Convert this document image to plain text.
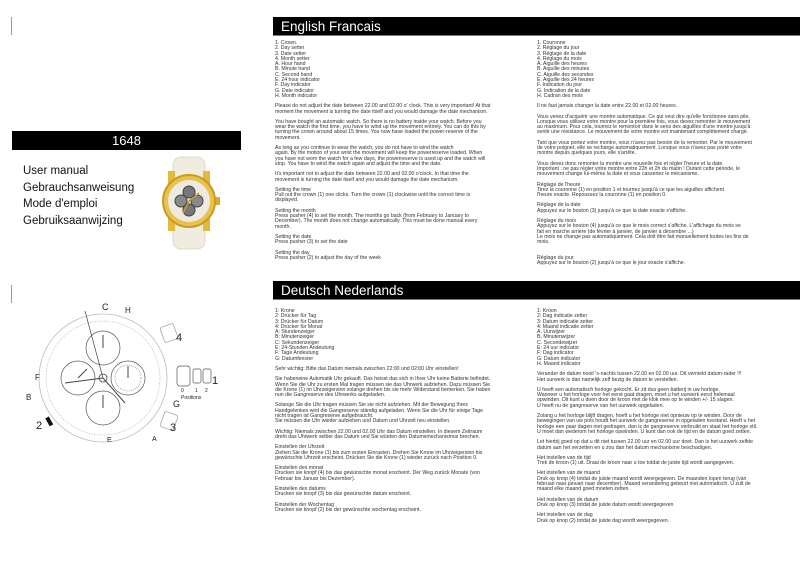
1648
User manual
Gebrauchsanweisung
Mode d'emploi
Gebruiksaanwijzing
C H
4
F
B
1
G
2	3
A
Positions
0 1 2
E
English Francais
Deutsch Nederlands

1. Crown.
2. Day setter
3. Date setter
4. Month setter
A. Hour hand
B. Minute hand
C. Second hand
E. 24 hour indicator
F. Day indicator
G. Date indicator
H. Month indicator

Please do not adjust the date between 22.00 and 02.00 o' clock. This is very important! At that
moment the movement is turning the date itself and you would damage the date mechanism.

You have bought an automatic watch. So there is no battery inside your watch. Before you
wear the watch the first time, you have to wind up the movement entirely. You can do this by
turning the crown around about 15 times. You now have loaded the power-reserve of the
movement.

As long as you continue to wear the watch, you do not have to wind the watch
again. By the motion of your wrist the movement will keep the powerreserve loaded. When
you have not worn the watch for a few days, the powerreserve is used up and the watch will
stop. You have to wind the watch again and adjust the time and the date.

It's important not to adjust the date between 22.00 and 02.00 o'clock. In that time the
movement is turning the date itself and you would damage the date mechanism.

Setting the time
Pull out the crown (1) one clicks. Turn the crown (1) clockwise until the correct time is
displayed.

Setting the month
Press pusher (4) to set the month. The months go back (from February to January to
December). The month does not change automatically. This must be done manual every
month.

Setting the date
Press pusher (3) to set the date

Setting the day
Press pusher (2) to adjust the day of the week

1. Couronne
2. Réglage du jour
3. Réglage de la date
4. Réglage du mois
A. Aiguille des heures
B. Aiguille des minutes
C. Aiguille des secondes
E. Aiguille des 24 heures
F. Indication du jour
G. Indication de la date
H. Cadran des mois

Il ne faut jamais changer la date entre 22.00 et 02.00 heures.

Vous venez d'acquérir une montre automatique. Ce qui veut dire qu'elle fonctionne sans pile.
Lorsque vous utilisez votre montre pour la première fois, vous devez remonter le mouvement
au maximum. Pour cela, tournez le remontoir dans le sens des aiguilles d'une montre jusqu'à
sentir une résistance. Le mouvement de votre montre est maintenant complètement chargé.

Tant que vous portez votre montre, vous n'avez pas besoin de la remonter. Par le mouvement
de votre poignet, elle se recharge automatiquement. Lorsque vous n'avez pas porté votre
montre depuis quelques jours, elle s'arrête.

Vous devez donc remonter la montre une nouvelle fois et régler l'heure et la date.
Important : ne pas régler votre montre entre 22h et 2h du matin ! Durant cette période, le
mouvement change lui-même la date et vous casseriez le mécanisme.

Réglage de l'heure
Tirez la couronne (1) en position 1 et tournez jusqu'à ce que les aiguilles affichent
l'heure exacte. Repoussez la couronne (1) en position 0.

Réglage de la date
Appuyez sur le bouton (3) jusqu'à ce que la date exacte s'affiche.

Réglage du mois
Appuyez sur le bouton (4) jusqu'à ce que le mois correct s'affiche. L'affichage du mois se
fait en marche arrière (de février à janvier, de janvier à décembre ...)
Le mois ne change pas automatiquement. Cela doit être fait manuellement toutes les fins de
mois.

Réglage du jour
Appuyez sur le bouton (2) jusqu'à ce que le jour exacte s'affiche.

1: Krone
2: Drücker für Tag
3: Drücker für Datum
4: Drücker für Monat
A: Stundenzeiger
B: Minutenzeiger
C: Sekundenzeiger
E: 24-Stunden Andeutung
F: Tage Andeutung
G: Datumfenster

Sehr wichtig: Bitte das Datum niemals zwischen 22:00 und 02:00 Uhr einstellen!

Sie habeneine Automatik Uhr gekauft. Das heisst das sich in Ihrer Uhr keine Batterie befindet.
Wenn Sie die Uhr zu ersten Mal tragen müssen sie das Uhrwerk aufziehen. Dazu müssen Sie
die Krone (1) im Uhrzeigersinn solange drehen bis sie mehr Widerstand bemerken. Sie haben
nun die Gangreserve des Uhrwerks aufgeladen.

Solange Sie die Uhr tragen müssen Sie sie nicht aufziehen. Mit der Bewegung Ihres
Handgelenkes wird die Gangreserve ständig aufgeladen. Wenn Sie die Uhr für einige Tage
nicht tragen ist Gangreserve aufgebraucht.
Sie müssen die Uhr wieder aufziehen und Datum und Uhrzeit neu einstellen.

Wichtig: Niemals zwischen 22.00 und 02.00 Uhr das Datum einstellen. In diesem Zeitraum
dreht das Uhrwerk selber das Datum und Sie würden den Datumsmechanismus brechen.

Einstellen der Uhrzeit
Ziehen Sie die Krone (1) bis zum ersten Einrasten. Drehen Sie Krone im Uhrzeigersinn bis
gewünschte Uhrzeit erscheint. Drücken Sie die Krone (1) wieder zurück nach Position 0.

Einstellen des monat
Drucken sie knopf (4) bis das gewünschte monat erscheint. Der Weg zurück Monate (von
Februar bis Januar bis Dezember).

Einstellen des datums
Drucken sie knopf (3) bis das gewünschte datum erscheint.

Einstellen der Wochentag
Drucken sie knopf (2) bis der gewünschte wochentag erscheint.

1: Kroon
2: Dag indicatie zetter
3: Datum indicatie zetter
4: Maand indicatie zetter
A. Uurwijzer
B. Minutenwijzer
C. Secondewijzer
E: 24 uur indicator
F: Dag indicator
G: Datum indicator
H. Maand indicator

Verander de datum nooit 's-nachts tussen 22.00 en 02.00 uur. Dit vernield datum-rader !!!
Het uurwerk is dan namelijk zelf bezig de datum te verstellen.

U heeft een automatisch horloge gekocht. Er zit dus geen batterij in uw horloge.
Wanneer u het horloge voor het eerst gaat dragen, moet u het uurwerk eerst helemaal
opwinden. Dit kunt u doen door de kroon met de klok mee op te winden +/- 15 slagen.
U heeft nu de gangreserve van het uurwerk opgeladen.

Zolang u het horloge blijft dragen, hoeft u het horloge niet opnieuw op te winden. Door de
bewegingen van uw pols houdt het uurwerk de gangreserve in opgeladen toestand. Heeft u het
horloge een paar dagen niet gedragen, dan is de gangreserve verbruikt en staat het horloge stil.
U moet dan wederom het horloge opwinden. U kunt dan ook de tijd en de datum goed zetten.

Let hierbij goed op dat u dit niet tussen 22.00 uur en 02.00 uur doet. Dan is het uurwerk zelfde
datum aan het verzetten en u zou dan het datum mechanisme beschadigen.

Het instellen van de tijd
Trek de kroon (1) uit. Draai de kroon naar u toe totdat de juiste tijd wordt aangegeven.

Het instellen van de maand
Druk op knop (4) totdat de juiste maand wordt weergegeven. De maanden lopen terug (van
februari naar januari naar december). Maand verandering gebeurt niet automatisch. U zult de
maand elke maand goed moeten zetten.

Het instellen van de datum
Druk op knop (3) totdat de juiste datum wordt weergegeven

Het instellen van de dag
Druk op knop (2) totdat de juiste dag wordt weergegeven.
